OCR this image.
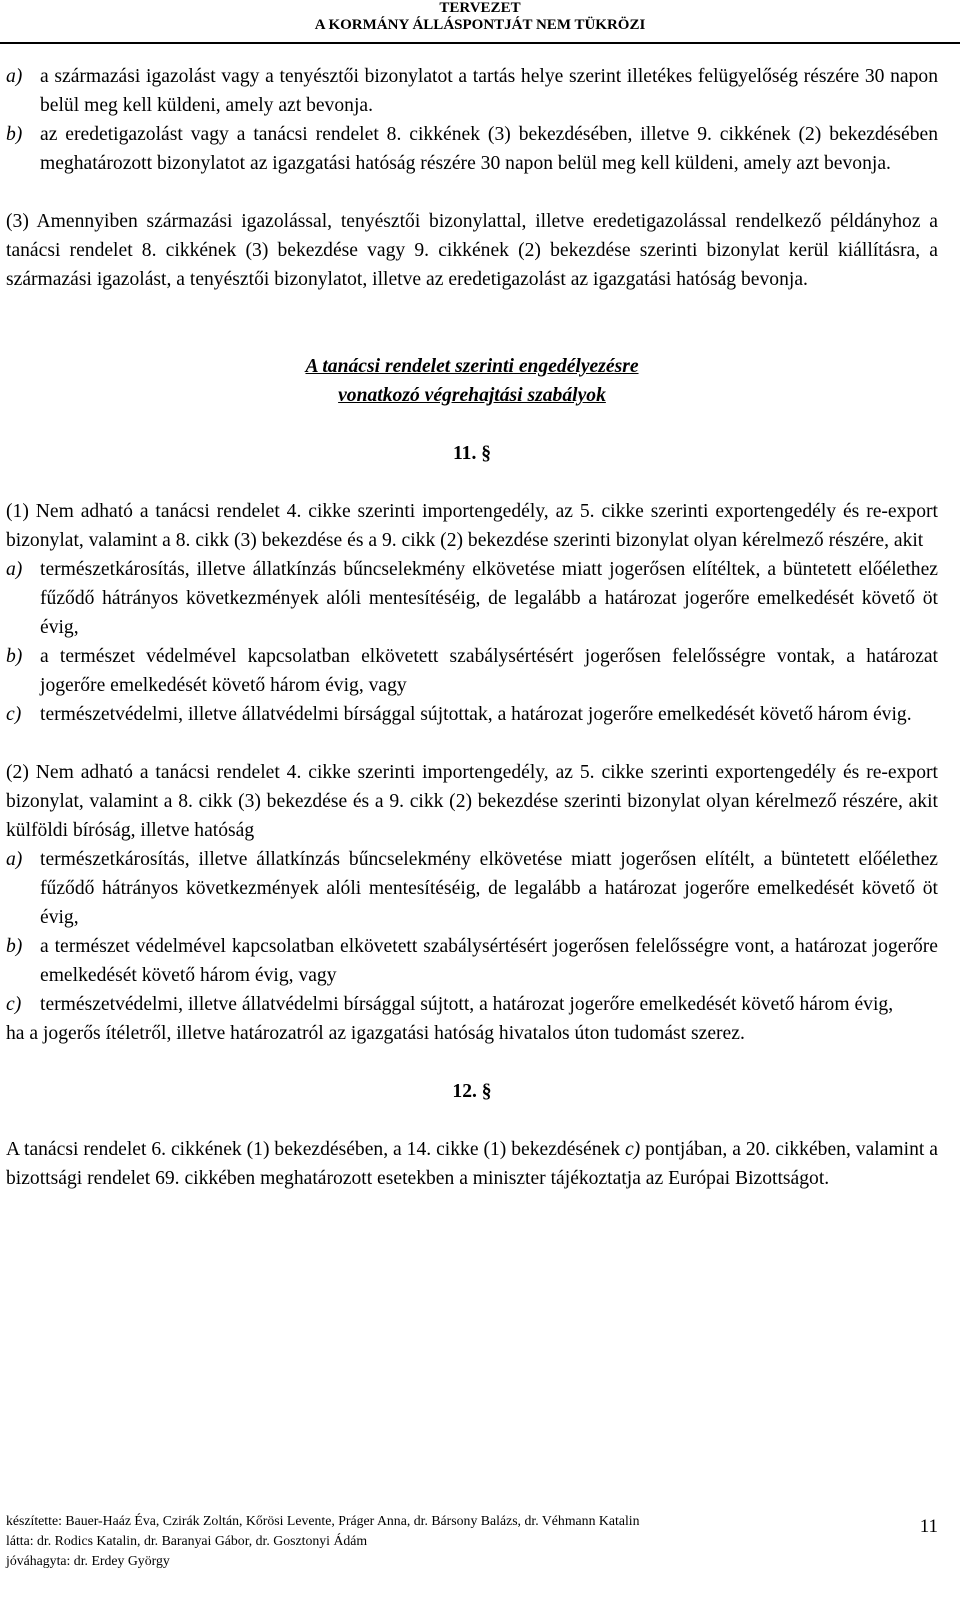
TERVEZET
A KORMÁNY ÁLLÁSPONTJÁT NEM TÜKRÖZI
a) a származási igazolást vagy a tenyésztői bizonylatot a tartás helye szerint illetékes felügyelőség részére 30 napon belül meg kell küldeni, amely azt bevonja.
b) az eredetigazolást vagy a tanácsi rendelet 8. cikkének (3) bekezdésében, illetve 9. cikkének (2) bekezdésében meghatározott bizonylatot az igazgatási hatóság részére 30 napon belül meg kell küldeni, amely azt bevonja.

(3) Amennyiben származási igazolással, tenyésztői bizonylattal, illetve eredetigazolással rendelkező példányhoz a tanácsi rendelet 8. cikkének (3) bekezdése vagy 9. cikkének (2) bekezdése szerinti bizonylat kerül kiállításra, a származási igazolást, a tenyésztői bizonylatot, illetve az eredetigazolást az igazgatási hatóság bevonja.

A tanácsi rendelet szerinti engedélyezésre
vonatkozó végrehajtási szabályok
11. §

(1) Nem adható a tanácsi rendelet 4. cikke szerinti importengedély, az 5. cikke szerinti exportengedély és re-export bizonylat, valamint a 8. cikk (3) bekezdése és a 9. cikk (2) bekezdése szerinti bizonylat olyan kérelmező részére, akit

a) természetkárosítás, illetve állatkínzás bűncselekmény elkövetése miatt jogerősen elítéltek, a büntetett előélethez fűződő hátrányos következmények alóli mentesítéséig, de legalább a határozat jogerőre emelkedését követő öt évig,
b) a természet védelmével kapcsolatban elkövetett szabálysértésért jogerősen felelősségre vontak, a határozat jogerőre emelkedését követő három évig, vagy
c) természetvédelmi, illetve állatvédelmi bírsággal sújtottak, a határozat jogerőre emelkedését követő három évig.

(2) Nem adható a tanácsi rendelet 4. cikke szerinti importengedély, az 5. cikke szerinti exportengedély és re-export bizonylat, valamint a 8. cikk (3) bekezdése és a 9. cikk (2) bekezdése szerinti bizonylat olyan kérelmező részére, akit külföldi bíróság, illetve hatóság

a) természetkárosítás, illetve állatkínzás bűncselekmény elkövetése miatt jogerősen elítélt, a büntetett előélethez fűződő hátrányos következmények alóli mentesítéséig, de legalább a határozat jogerőre emelkedését követő öt évig,
b) a természet védelmével kapcsolatban elkövetett szabálysértésért jogerősen felelősségre vont, a határozat jogerőre emelkedését követő három évig, vagy
c) természetvédelmi, illetve állatvédelmi bírsággal sújtott, a határozat jogerőre emelkedését követő három évig,

ha a jogerős ítéletről, illetve határozatról az igazgatási hatóság hivatalos úton tudomást szerez.

12. §

A tanácsi rendelet 6. cikkének (1) bekezdésében, a 14. cikke (1) bekezdésének c) pontjában, a 20. cikkében, valamint a bizottsági rendelet 69. cikkében meghatározott esetekben a miniszter tájékoztatja az Európai Bizottságot.

készítette: Bauer-Haáz Éva, Czirák Zoltán, Kőrösi Levente, Práger Anna, dr. Bársony Balázs, dr. Véhmann Katalin
látta: dr. Rodics Katalin, dr. Baranyai Gábor, dr. Gosztonyi Ádám
jóváhagyta: dr. Erdey György
11
